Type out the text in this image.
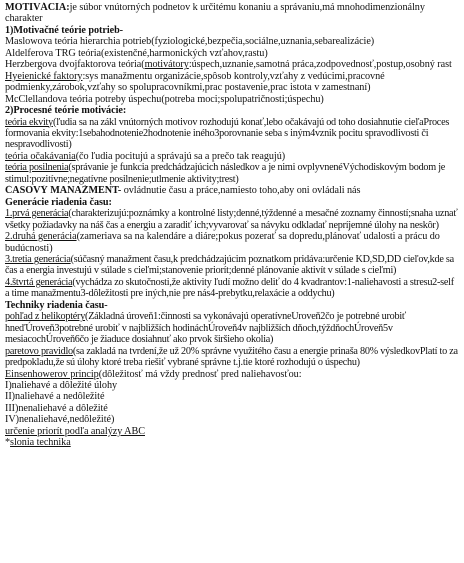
MOTIVÁCIA:je súbor vnútorných podnetov k určitému konaniu a správaniu,má mnohodimenzionálny charakter
1)Motivačné teórie potrieb-
Maslowova teória hierarchia potrieb(fyziologické,bezpečia,sociálne,uznania,sebarealizácie)
Aldelferova TRG teória(existenčné,harmonických vzťahov,rastu)
Herzbergova dvojfaktorova teória(motivátory:úspech,uznanie,samotná práca,zodpovednosť,postup,osobný rast
Hyeienické faktory:sys manažmentu organizácie,spôsob kontroly,vzťahy z vedúcimi,pracovné podmienky,zárobok,vzťahy so spolupracovníkmi,prac postavenie,prac istota v zamestnaní)
McClellandova teória potreby úspechu(potreba moci;spolupatričnosti;úspechu)
2)Procesné teórie motivácie:
teória ekvity(ľudia sa na zákl vnútorných motivov rozhodujú konať,lebo očakávajú od toho dosiahnutie cieľaProces formovania ekvity:1sebahodnotenie2hodnotenie iného3porovnanie seba s iným4vznik pocitu spravodlivosti či nespravodlivosti)
teória očakávania(čo ľudia pocitujú a správajú sa a prečo tak reagujú)
teória posilnenia(správanie je funkcia predchádzajúcich následkov a je nimi ovplyvnenéVýchodiskovým bodom je stimul:pozitívne;negatívne posilnenie;utlmenie aktivity;trest)
ČASOVÝ MANAŽMENT- ovládnutie času a práce,namiesto toho,aby oni ovládali nás
Generácie riadenia času:
1.prvá generácia(charakterizujú:poznámky a kontrolné listy;denné,týždenné a mesačné zoznamy činností;snaha uznať všetky požiadavky na náš čas a energiu a zaradiť ich;vyvarovať sa návyku odkladať nepríjemné úlohy na neskôr)
2.druhá generácia(zameriava sa na kalendáre a diáre;pokus pozerať sa dopredu,plánovať udalosti a prácu do budúcnosti)
3.tretia generácia(súčasný manažment času,k predchádzajúcim poznatkom pridáva:určenie KD,SD,DD cieľov,kde sa čas a energia investujú v súlade s cieľmi;stanovenie priorít;denné plánovanie aktivít v súlade s cieľmi)
4.štvrtá generácia(vychádza zo skutočnosti,že aktivity ľudí možno deliť do 4 kvadrantov:1-naliehavosti a stresu2-self a time manažmentu3-dôležitosti pre iných,nie pre nás4-prebytku,relaxácie a oddychu)
Techniky riadenia času-
pohľad z helikoptéry(Základná úroveň1:činnosti sa vykonávajú operatívneÚroveň2čo je potrebné urobiť hneďÚroveň3potrebné urobiť v najbližších hodináchÚroveň4v najbližších dňoch,týždňochÚroveň5v mesiacochÚroveň6čo je žiaduce dosiahnuť ako prvok širšieho okolia)
paretovo pravidlo(sa zakladá na tvrdení,že už 20% správne využitého času a energie prinaša 80% výsledkovPlatí to za predpokladu,že sú úlohy ktoré treba riešiť vybrané správne t.j.tie ktoré rozhodujú o úspechu)
Einsenhowerov princip(dôležitosť má vždy prednosť pred naliehavosťou:
I)naliehavé a dôležité úlohy
II)naliehavé a nedôležité
III)nenaliehavé a dôležité
IV)nenaliehavé,nedôležité)
určenie priorít podľa analýzy ABC
*slonia technika
